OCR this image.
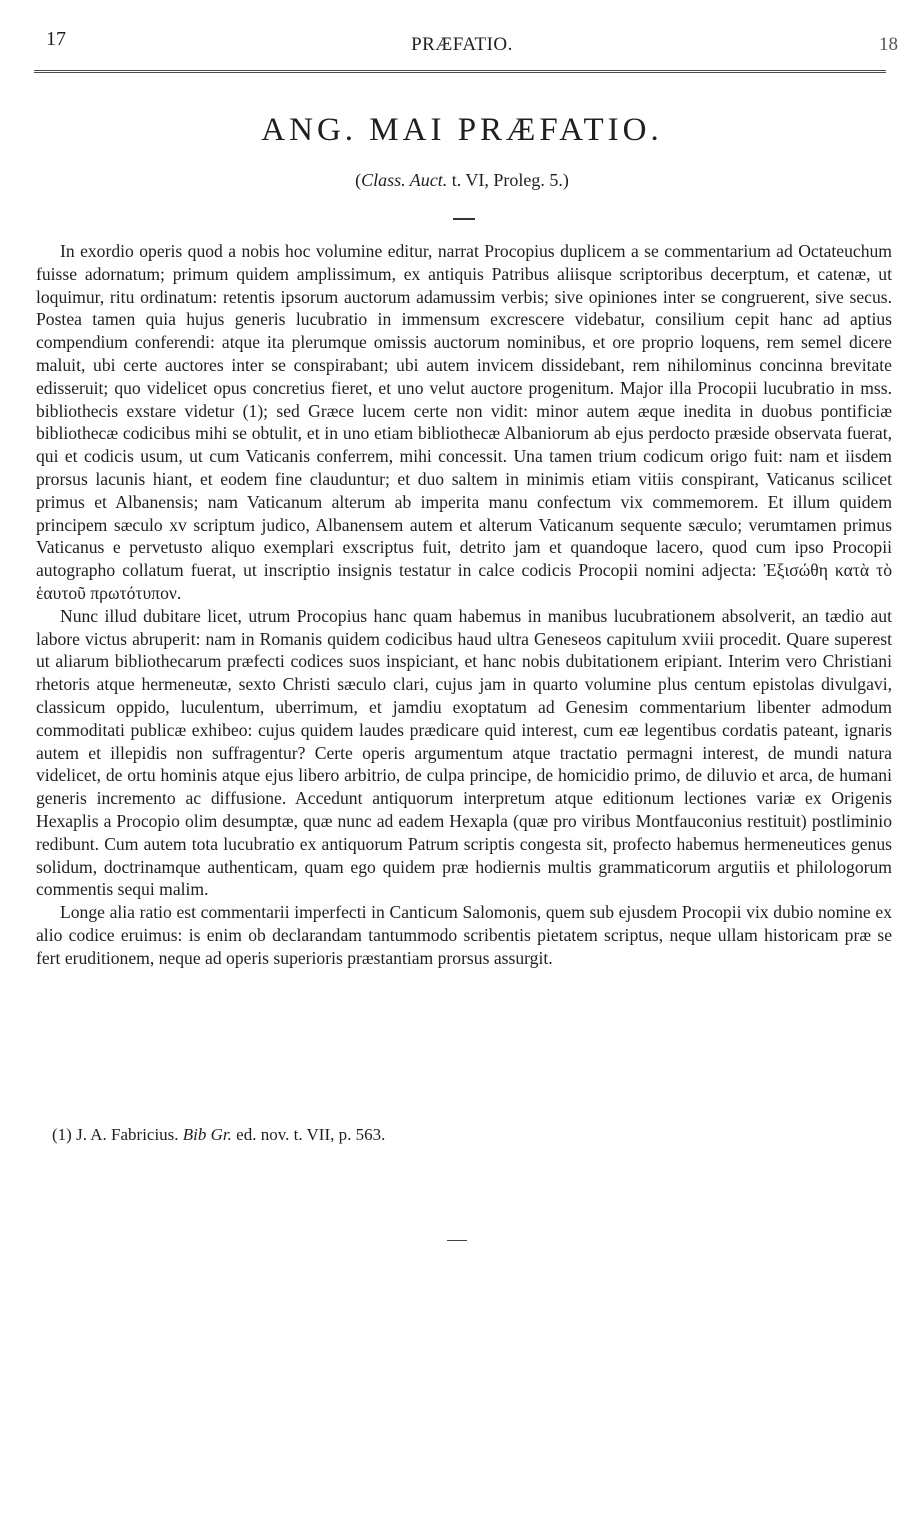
17	PRÆFATIO.	18
ANG. MAI PRÆFATIO.
(Class. Auct. t. VI, Proleg. 5.)

In exordio operis quod a nobis hoc volumine editur, narrat Procopius duplicem a se commentarium ad Octateuchum fuisse adornatum; primum quidem amplissimum, ex antiquis Patribus aliisque scriptoribus decerptum, et catenæ, ut loquimur, ritu ordinatum: retentis ipsorum auctorum adamussim verbis; sive opiniones inter se congruerent, sive secus. Postea tamen quia hujus generis lucubratio in immensum excrescere videbatur, consilium cepit hanc ad aptius compendium conferendi: atque ita plerumque omissis auctorum nominibus, et ore proprio loquens, rem semel dicere maluit, ubi certe auctores inter se conspirabant; ubi autem invicem dissidebant, rem nihilominus concinna brevitate edisseruit; quo videlicet opus concretius fieret, et uno velut auctore progenitum. Major illa Procopii lucubratio in mss. bibliothecis exstare videtur (1); sed Græce lucem certe non vidit: minor autem æque inedita in duobus pontificiæ bibliothecæ codicibus mihi se obtulit, et in uno etiam bibliothecæ Albaniorum ab ejus perdocto præside observata fuerat, qui et codicis usum, ut cum Vaticanis conferrem, mihi concessit. Una tamen trium codicum origo fuit: nam et iisdem prorsus lacunis hiant, et eodem fine clauduntur; et duo saltem in minimis etiam vitiis conspirant, Vaticanus scilicet primus et Albanensis; nam Vaticanum alterum ab imperita manu confectum vix commemorem. Et illum quidem principem sæculo xv scriptum judico, Albanensem autem et alterum Vaticanum sequente sæculo; verumtamen primus Vaticanus e pervetusto aliquo exemplari exscriptus fuit, detrito jam et quandoque lacero, quod cum ipso Procopii autographo collatum fuerat, ut inscriptio insignis testatur in calce codicis Procopii nomini adjecta: Ἐξισώθη κατὰ τὸ ἑαυτοῦ πρωτότυπον.

Nunc illud dubitare licet, utrum Procopius hanc quam habemus in manibus lucubrationem absolverit, an tædio aut labore victus abruperit: nam in Romanis quidem codicibus haud ultra Geneseos capitulum xviii procedit. Quare superest ut aliarum bibliothecarum præfecti codices suos inspiciant, et hanc nobis dubitationem eripiant. Interim vero Christiani rhetoris atque hermeneutæ, sexto Christi sæculo clari, cujus jam in quarto volumine plus centum epistolas divulgavi, classicum oppido, luculentum, uberrimum, et jamdiu exoptatum ad Genesim commentarium libenter admodum commoditati publicæ exhibeo: cujus quidem laudes prædicare quid interest, cum eæ legentibus cordatis pateant, ignaris autem et illepidis non suffragentur? Certe operis argumentum atque tractatio permagni interest, de mundi natura videlicet, de ortu hominis atque ejus libero arbitrio, de culpa principe, de homicidio primo, de diluvio et arca, de humani generis incremento ac diffusione. Accedunt antiquorum interpretum atque editionum lectiones variæ ex Origenis Hexaplis a Procopio olim desumptæ, quæ nunc ad eadem Hexapla (quæ pro viribus Montfauconius restituit) postliminio redibunt. Cum autem tota lucubratio ex antiquorum Patrum scriptis congesta sit, profecto habemus hermeneutices genus solidum, doctrinamque authenticam, quam ego quidem præ hodiernis multis grammaticorum argutiis et philologorum commentis sequi malim.

Longe alia ratio est commentarii imperfecti in Canticum Salomonis, quem sub ejusdem Procopii vix dubio nomine ex alio codice eruimus: is enim ob declarandam tantummodo scribentis pietatem scriptus, neque ullam historicam præ se fert eruditionem, neque ad operis superioris præstantiam prorsus assurgit.

(1) J. A. Fabricius. Bib Gr. ed. nov. t. VII, p. 563.
